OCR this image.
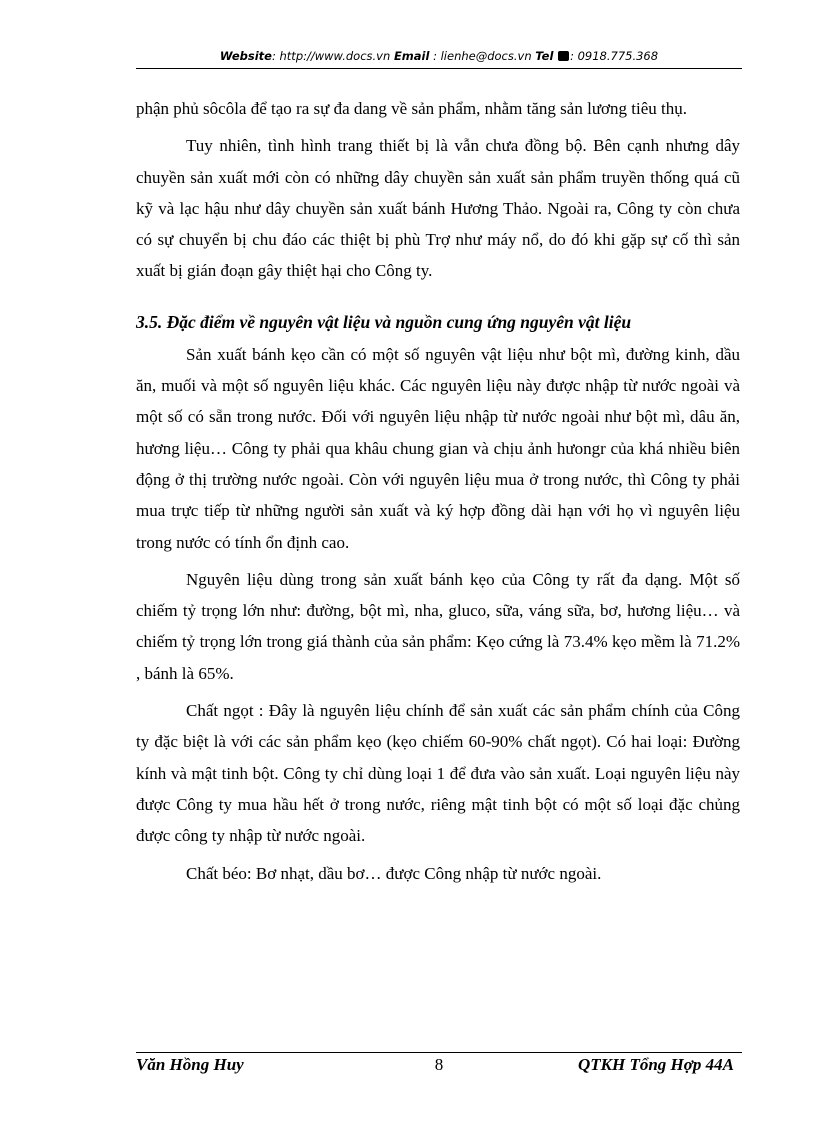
Website: http://www.docs.vn Email : lienhe@docs.vn Tel : 0918.775.368

phận phủ sôcôla để tạo ra sự đa dang về sản phẩm, nhằm tăng sản lương tiêu thụ.

Tuy nhiên, tình hình trang thiết bị là vẫn chưa đồng bộ. Bên cạnh nhưng dây chuyền sản xuất mới còn có những dây chuyền sản xuất sản phẩm truyền thống quá cũ kỹ và lạc hậu như dây chuyền sản xuất bánh Hương Thảo. Ngoài ra, Công ty còn chưa có sự chuyển bị chu đáo các thiệt bị phù Trợ như máy nổ, do đó khi gặp sự cố thì sản xuất bị gián đoạn gây thiệt hại cho Công ty.

3.5. Đặc điểm về nguyên vật liệu và nguồn cung ứng nguyên vật liệu

Sản xuất bánh kẹo cần có một số nguyên vật liệu như bột mì, đường kinh, dầu ăn, muối và một số nguyên liệu khác. Các nguyên liệu này được nhập từ nước ngoài và một số có sẵn trong nước. Đối với nguyên liệu nhập từ nước ngoài như bột mì, dâu ăn, hương liệu… Công ty phải qua khâu chung gian và chịu ảnh hưongr của khá nhiều biên động ở thị trường nước ngoài. Còn với nguyên liệu mua ở trong nước, thì Công ty phải mua trực tiếp từ những người sản xuất và ký hợp đồng dài hạn với họ vì nguyên liệu trong nước có tính ổn định cao.

Nguyên liệu dùng trong sản xuất bánh kẹo của Công ty rất đa dạng. Một số chiếm tỷ trọng lớn như: đường, bột mì, nha, gluco, sữa, váng sữa, bơ, hương liệu… và chiếm tỷ trọng lớn trong giá thành của sản phẩm: Kẹo cứng là 73.4% kẹo mềm là 71.2% , bánh là 65%.

Chất ngọt : Đây là nguyên liệu chính để sản xuất các sản phẩm chính của Công ty đặc biệt là với các sản phẩm kẹo (kẹo chiếm 60-90% chất ngọt). Có hai loại: Đường kính và mật tinh bột. Công ty chỉ dùng loại 1 để đưa vào sản xuất. Loại nguyên liệu này được Công ty mua hầu hết ở trong nước, riêng mật tinh bột có một số loại đặc chủng được công ty nhập từ nước ngoài.

Chất béo: Bơ nhạt, dầu bơ… được Công nhập từ nước ngoài.

Văn Hồng Huy	8	QTKH Tổng Hợp 44A
